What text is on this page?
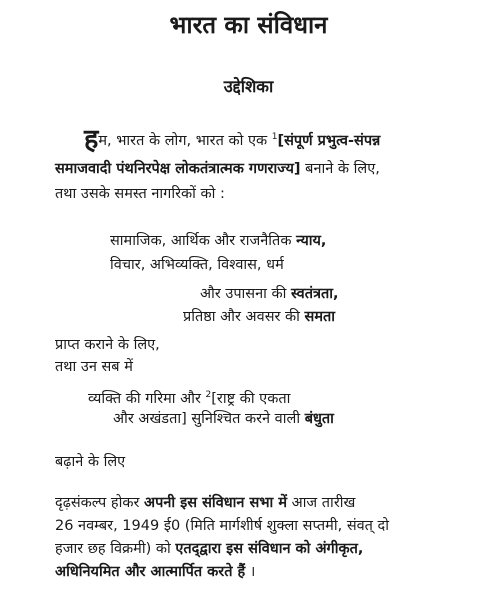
भारत का संविधान
उद्देशिका
हम, भारत के लोग, भारत को एक $^1$[संपूर्ण प्रभुत्व-संपन्न
समाजवादी पंथनिरपेक्ष लोकतंत्रात्मक गणराज्य] बनाने के लिए,
तथा उसके समस्त नागरिकों को :
सामाजिक, आर्थिक और राजनैतिक न्याय,
विचार, अभिव्यक्ति, विश्वास, धर्म
और उपासना की स्वतंत्रता,
प्रतिष्ठा और अवसर की समता
प्राप्त कराने के लिए,
तथा उन सब में
व्यक्ति की गरिमा और $^2$[राष्ट्र की एकता
और अखंडता] सुनिश्चित करने वाली बंधुता
बढ़ाने के लिए
दृढ़संकल्प होकर अपनी इस संविधान सभा में आज तारीख
26 नवम्बर, 1949 ई0 (मिति मार्गशीर्ष शुक्ला सप्तमी, संवत् दो
हजार छह विक्रमी) को एतद्‌द्वारा इस संविधान को अंगीकृत,
अधिनियमित और आत्मार्पित करते हैं ।
